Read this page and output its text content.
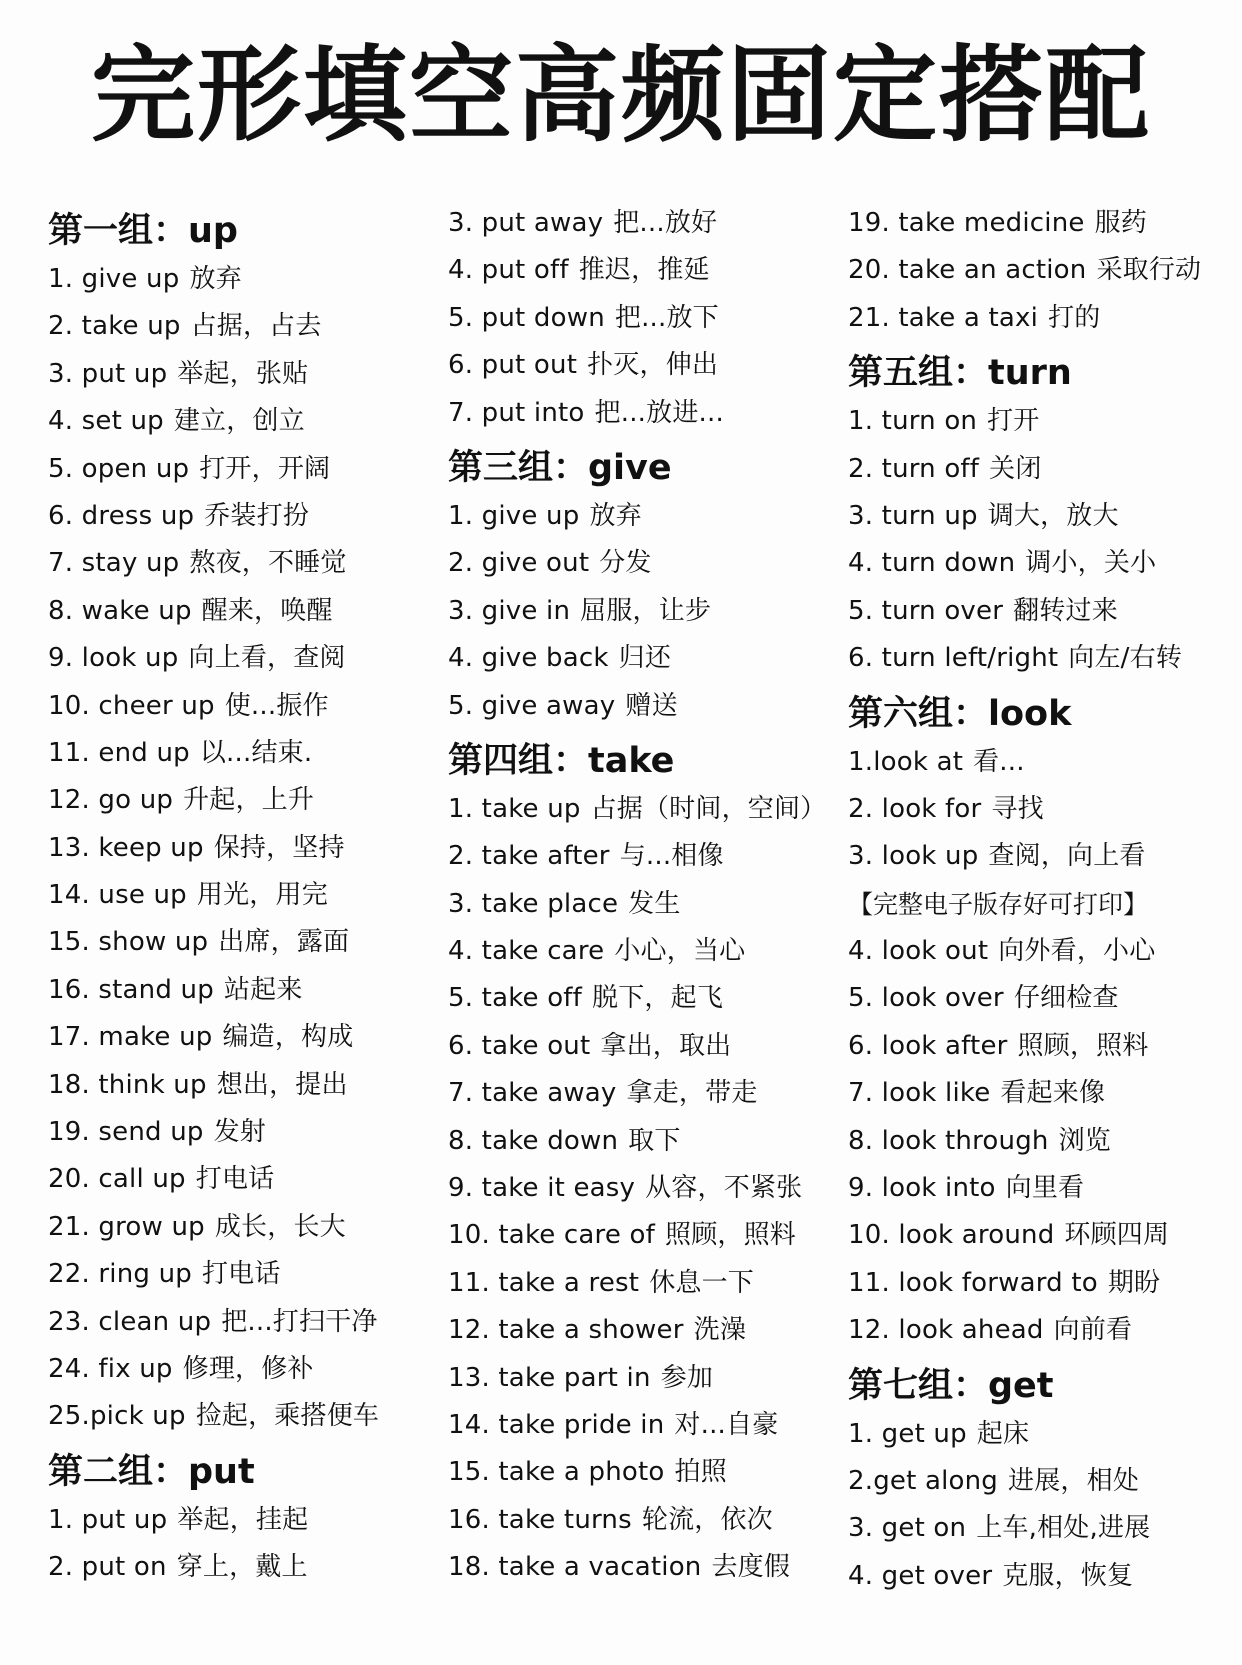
完形填空高频固定搭配
第一组：up
1. give up 放弃
2. take up 占据，占去
3. put up 举起，张贴
4. set up 建立，创立
5. open up 打开，开阔
6. dress up 乔装打扮
7. stay up 熬夜，不睡觉
8. wake up 醒来，唤醒
9. look up 向上看，查阅
10. cheer up 使...振作
11. end up 以...结束.
12. go up 升起，上升
13. keep up 保持，坚持
14. use up 用光，用完
15. show up 出席，露面
16. stand up 站起来
17. make up 编造，构成
18. think up 想出，提出
19. send up 发射
20. call up 打电话
21. grow up 成长，长大
22. ring up 打电话
23. clean up 把...打扫干净
24. fix up 修理，修补
25.pick up 捡起，乘搭便车
第二组：put
1. put up 举起，挂起
2. put on 穿上，戴上
3. put away 把...放好
4. put off 推迟，推延
5. put down 把...放下
6. put out 扑灭，伸出
7. put into 把...放进...
第三组：give
1. give up 放弃
2. give out 分发
3. give in 屈服，让步
4. give back 归还
5. give away 赠送
第四组：take
1. take up 占据（时间，空间）
2. take after 与...相像
3. take place 发生
4. take care 小心，当心
5. take off 脱下，起飞
6. take out 拿出，取出
7. take away 拿走，带走
8. take down 取下
9. take it easy 从容，不紧张
10. take care of 照顾，照料
11. take a rest 休息一下
12. take a shower 洗澡
13. take part in 参加
14. take pride in 对...自豪
15. take a photo 拍照
16. take turns 轮流，依次
18. take a vacation 去度假
19. take medicine 服药
20. take an action 采取行动
21. take a taxi 打的
第五组：turn
1. turn on 打开
2. turn off 关闭
3. turn up 调大，放大
4. turn down 调小，关小
5. turn over 翻转过来
6. turn left/right 向左/右转
第六组：look
1.look at 看...
2. look for 寻找
3. look up 查阅，向上看
【完整电子版存好可打印】
4. look out 向外看，小心
5. look over 仔细检查
6. look after 照顾，照料
7. look like 看起来像
8. look through 浏览
9. look into 向里看
10. look around 环顾四周
11. look forward to 期盼
12. look ahead 向前看
第七组：get
1. get up 起床
2.get along 进展，相处
3. get on 上车,相处,进展
4. get over 克服，恢复
